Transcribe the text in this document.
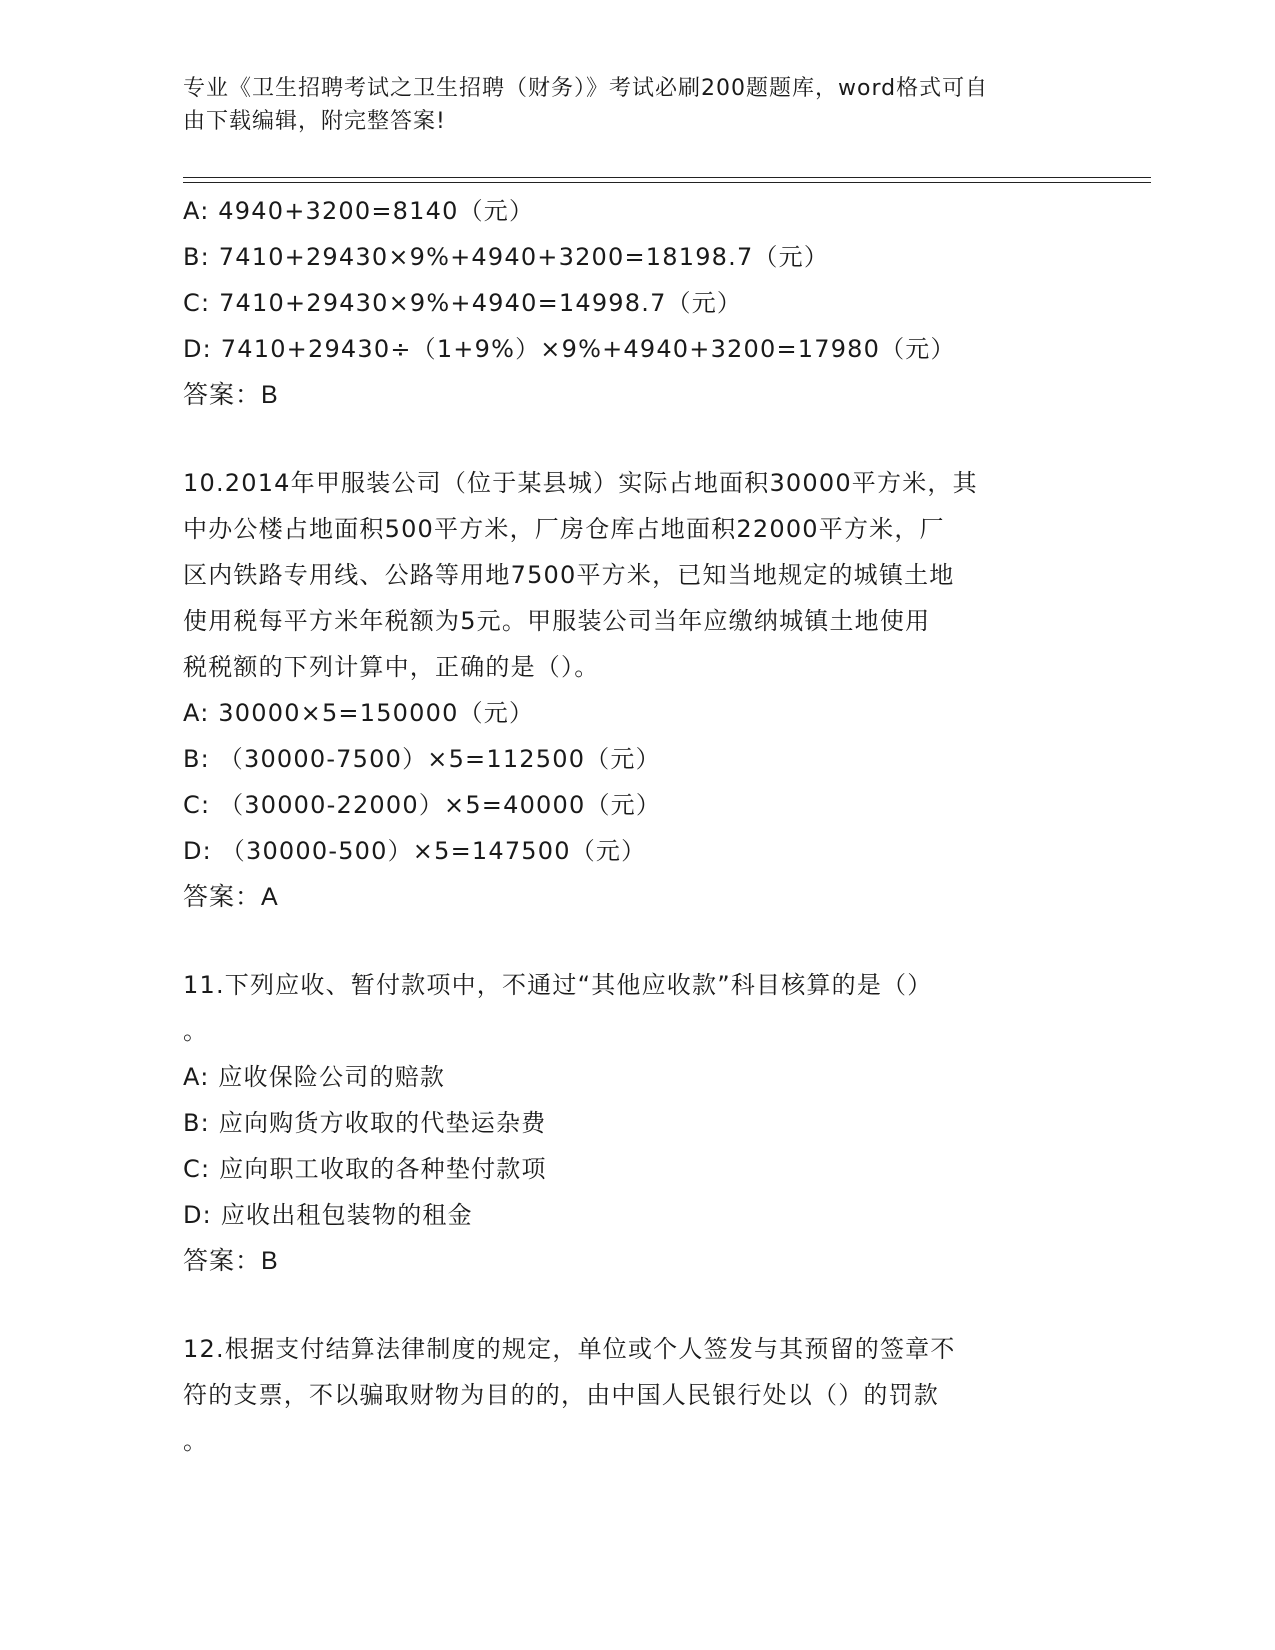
专业《卫生招聘考试之卫生招聘（财务）》考试必刷200题题库，word格式可自
由下载编辑，附完整答案!
A: 4940+3200=8140（元）
B: 7410+29430×9%+4940+3200=18198.7（元）
C: 7410+29430×9%+4940=14998.7（元）
D: 7410+29430÷（1+9%）×9%+4940+3200=17980（元）
答案：B
10.2014年甲服装公司（位于某县城）实际占地面积30000平方米，其
中办公楼占地面积500平方米，厂房仓库占地面积22000平方米，厂
区内铁路专用线、公路等用地7500平方米，已知当地规定的城镇土地
使用税每平方米年税额为5元。甲服装公司当年应缴纳城镇土地使用
税税额的下列计算中，正确的是（）。
A: 30000×5=150000（元）
B: （30000-7500）×5=112500（元）
C: （30000-22000）×5=40000（元）
D: （30000-500）×5=147500（元）
答案：A
11.下列应收、暂付款项中，不通过“其他应收款”科目核算的是（）
。
A: 应收保险公司的赔款
B: 应向购货方收取的代垫运杂费
C: 应向职工收取的各种垫付款项
D: 应收出租包装物的租金
答案：B
12.根据支付结算法律制度的规定，单位或个人签发与其预留的签章不
符的支票，不以骗取财物为目的的，由中国人民银行处以（）的罚款
。
